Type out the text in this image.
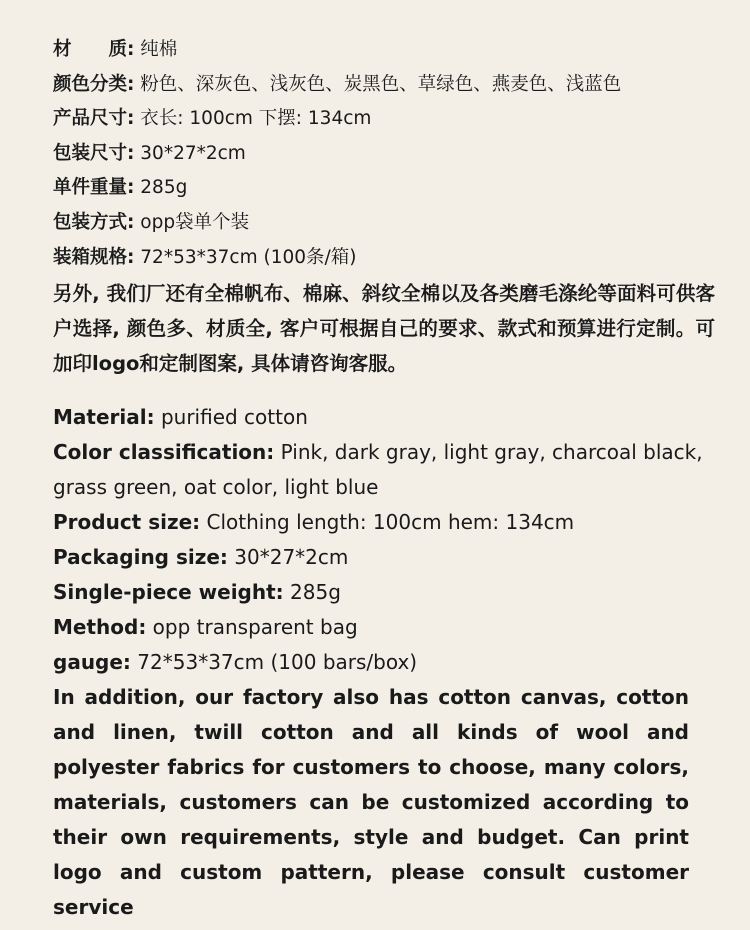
材　　质: 纯棉
颜色分类: 粉色、深灰色、浅灰色、炭黑色、草绿色、燕麦色、浅蓝色
产品尺寸: 衣长: 100cm 下摆: 134cm
包装尺寸: 30*27*2cm
单件重量: 285g
包装方式: opp袋单个装
装箱规格: 72*53*37cm (100条/箱)
另外, 我们厂还有全棉帆布、棉麻、斜纹全棉以及各类磨毛涤纶等面料可供客户选择, 颜色多、材质全, 客户可根据自己的要求、款式和预算进行定制。可加印logo和定制图案, 具体请咨询客服。
Material: purified cotton
Color classification: Pink, dark gray, light gray, charcoal black, grass green, oat color, light blue
Product size: Clothing length: 100cm hem: 134cm
Packaging size: 30*27*2cm
Single-piece weight: 285g
Method: opp transparent bag
gauge: 72*53*37cm (100 bars/box)
In addition, our factory also has cotton canvas, cotton and linen, twill cotton and all kinds of wool and polyester fabrics for customers to choose, many colors, materials, customers can be customized according to their own requirements, style and budget. Can print logo and custom pattern, please consult customer service
